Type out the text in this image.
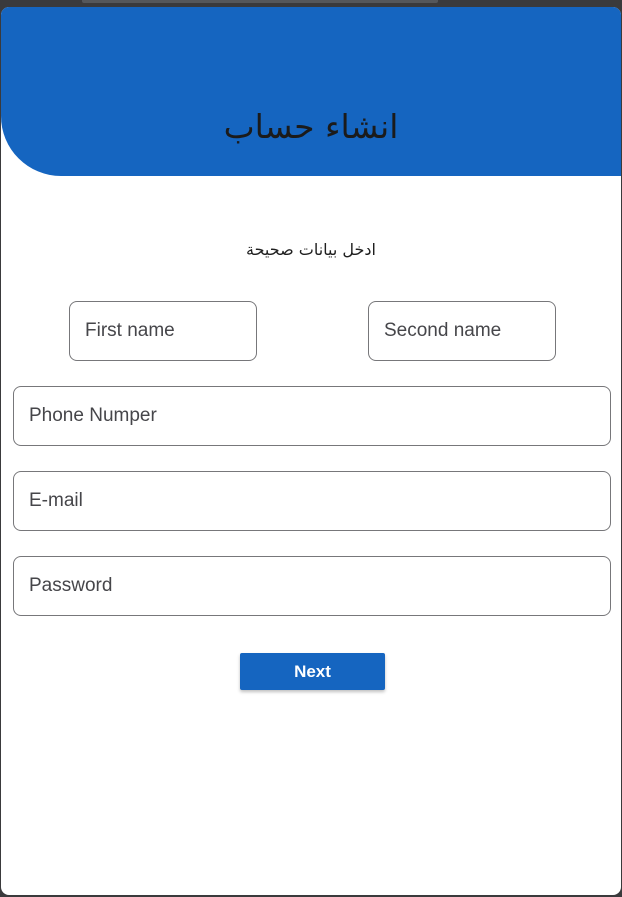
انشاء حساب
ادخل بيانات صحيحة
First name
Second name
Phone Numper
E-mail
Next
